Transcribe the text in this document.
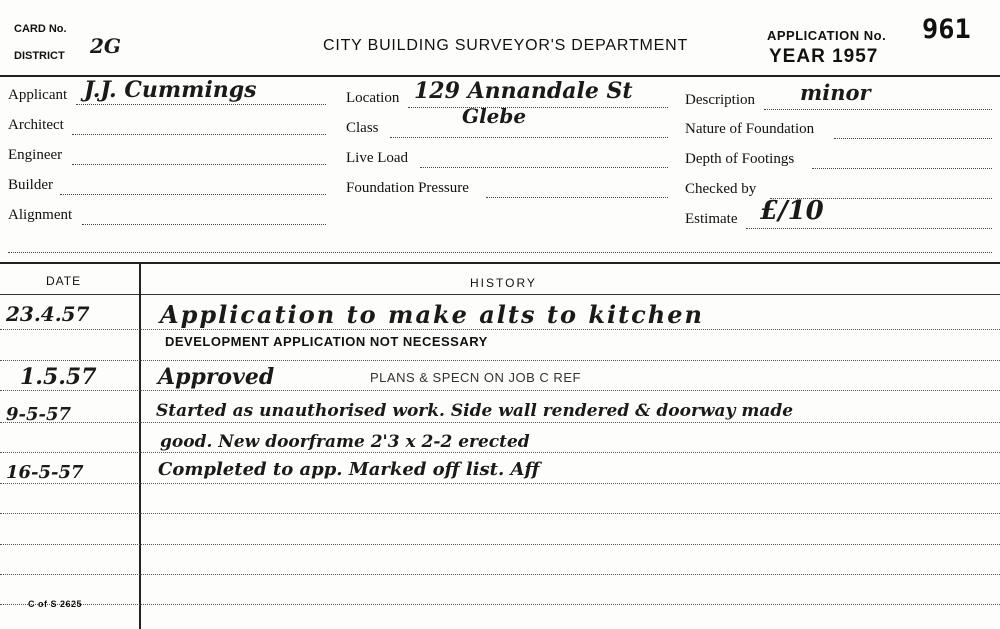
CARD No.
DISTRICT 2G	CITY BUILDING SURVEYOR'S DEPARTMENT
APPLICATION No. 961
YEAR 1957
Applicant J.J. Cummings
Architect
Engineer
Builder
Alignment
Location 129 Annandale St
Class	Glebe
Live Load
Foundation Pressure
Description minor
Nature of Foundation
Depth of Footings
Checked by
Estimate £/10
DATE	HISTORY
23.4.57	Application to make alts to kitchen
DEVELOPMENT APPLICATION NOT NECESSARY
1.5.57	Approved	PLANS & SPECN ON JOB C REF
9-5-57	Started as unauthorised work. Side wall rendered & doorway made
good. New doorframe 2'3 x 2-2 erected
16-5-57	Completed to app. Marked off list. Aff
C of S 2625
